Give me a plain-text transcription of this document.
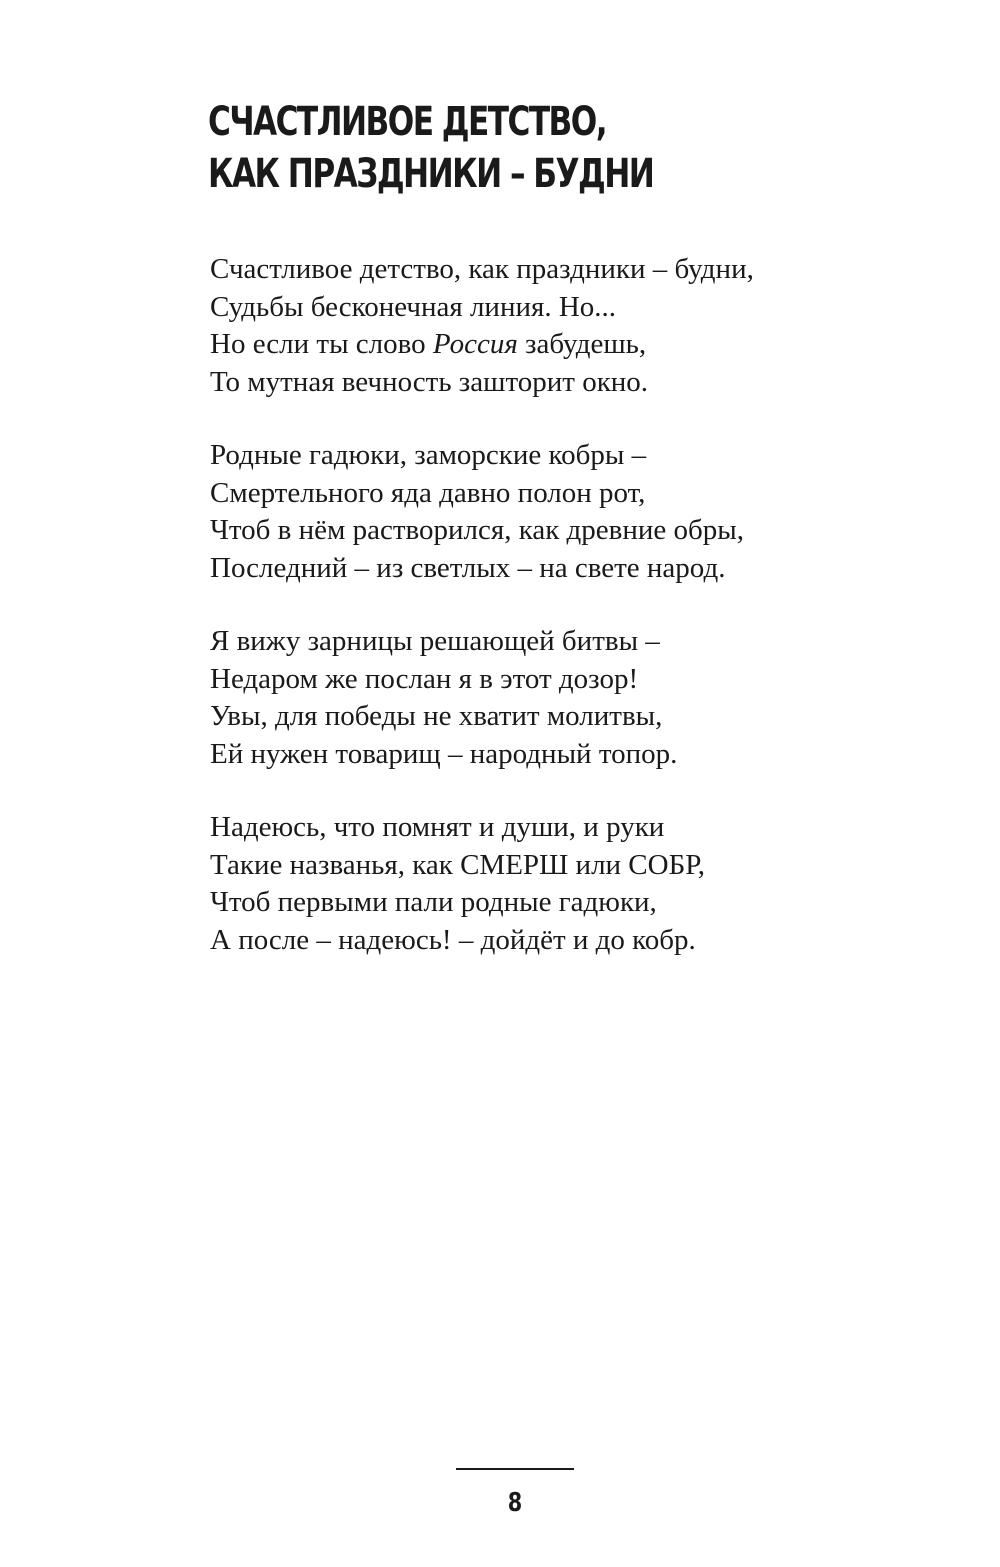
СЧАСТЛИВОЕ ДЕТСТВО,
КАК ПРАЗДНИКИ – БУДНИ
Счастливое детство, как праздники – будни,
Судьбы бесконечная линия. Но...
Но если ты слово Россия забудешь,
То мутная вечность зашторит окно.
Родные гадюки, заморские кобры –
Смертельного яда давно полон рот,
Чтоб в нём растворился, как древние обры,
Последний – из светлых – на свете народ.
Я вижу зарницы решающей битвы –
Недаром же послан я в этот дозор!
Увы, для победы не хватит молитвы,
Ей нужен товарищ – народный топор.
Надеюсь, что помнят и души, и руки
Такие названья, как СМЕРШ или СОБР,
Чтоб первыми пали родные гадюки,
А после – надеюсь! – дойдёт и до кобр.
8
